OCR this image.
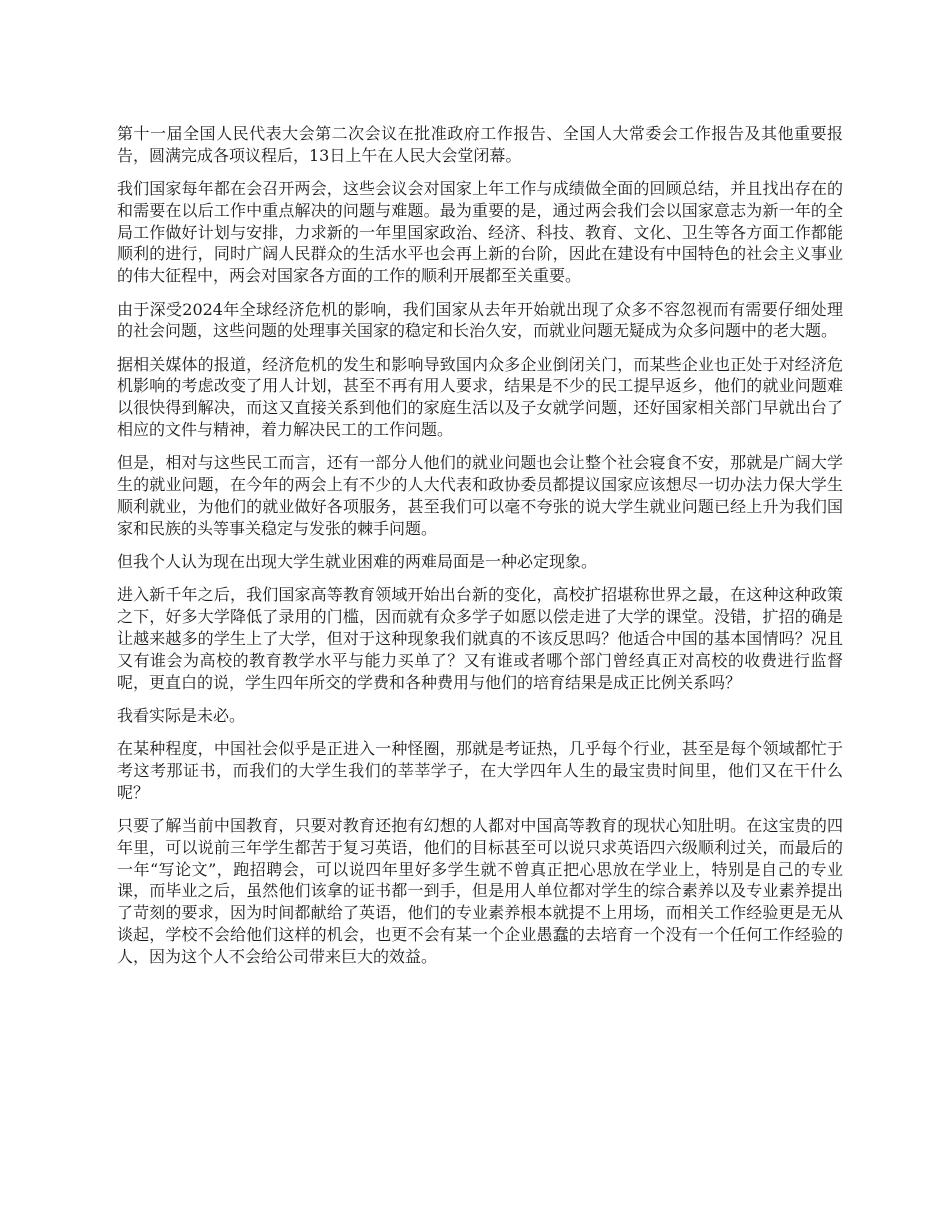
第十一届全国人民代表大会第二次会议在批准政府工作报告、全国人大常委会工作报告及其他重要报告，圆满完成各项议程后，13日上午在人民大会堂闭幕。

我们国家每年都在会召开两会，这些会议会对国家上年工作与成绩做全面的回顾总结，并且找出存在的和需要在以后工作中重点解决的问题与难题。最为重要的是，通过两会我们会以国家意志为新一年的全局工作做好计划与安排，力求新的一年里国家政治、经济、科技、教育、文化、卫生等各方面工作都能顺利的进行，同时广阔人民群众的生活水平也会再上新的台阶，因此在建设有中国特色的社会主义事业的伟大征程中，两会对国家各方面的工作的顺利开展都至关重要。

由于深受2024年全球经济危机的影响，我们国家从去年开始就出现了众多不容忽视而有需要仔细处理的社会问题，这些问题的处理事关国家的稳定和长治久安，而就业问题无疑成为众多问题中的老大题。

据相关媒体的报道，经济危机的发生和影响导致国内众多企业倒闭关门，而某些企业也正处于对经济危机影响的考虑改变了用人计划，甚至不再有用人要求，结果是不少的民工提早返乡，他们的就业问题难以很快得到解决，而这又直接关系到他们的家庭生活以及子女就学问题，还好国家相关部门早就出台了相应的文件与精神，着力解决民工的工作问题。

但是，相对与这些民工而言，还有一部分人他们的就业问题也会让整个社会寝食不安，那就是广阔大学生的就业问题，在今年的两会上有不少的人大代表和政协委员都提议国家应该想尽一切办法力保大学生顺利就业，为他们的就业做好各项服务，甚至我们可以毫不夸张的说大学生就业问题已经上升为我们国家和民族的头等事关稳定与发张的棘手问题。

但我个人认为现在出现大学生就业困难的两难局面是一种必定现象。

进入新千年之后，我们国家高等教育领域开始出台新的变化，高校扩招堪称世界之最，在这种这种政策之下，好多大学降低了录用的门槛，因而就有众多学子如愿以偿走进了大学的课堂。没错，扩招的确是让越来越多的学生上了大学，但对于这种现象我们就真的不该反思吗？他适合中国的基本国情吗？况且又有谁会为高校的教育教学水平与能力买单了？又有谁或者哪个部门曾经真正对高校的收费进行监督呢，更直白的说，学生四年所交的学费和各种费用与他们的培育结果是成正比例关系吗？

我看实际是未必。

在某种程度，中国社会似乎是正进入一种怪圈，那就是考证热，几乎每个行业，甚至是每个领域都忙于考这考那证书，而我们的大学生我们的莘莘学子，在大学四年人生的最宝贵时间里，他们又在干什么呢？

只要了解当前中国教育，只要对教育还抱有幻想的人都对中国高等教育的现状心知肚明。在这宝贵的四年里，可以说前三年学生都苦于复习英语，他们的目标甚至可以说只求英语四六级顺利过关，而最后的一年“写论文”，跑招聘会，可以说四年里好多学生就不曾真正把心思放在学业上，特别是自己的专业课，而毕业之后，虽然他们该拿的证书都一到手，但是用人单位都对学生的综合素养以及专业素养提出了苛刻的要求，因为时间都献给了英语，他们的专业素养根本就提不上用场，而相关工作经验更是无从谈起，学校不会给他们这样的机会，也更不会有某一个企业愚蠢的去培育一个没有一个任何工作经验的人，因为这个人不会给公司带来巨大的效益。
